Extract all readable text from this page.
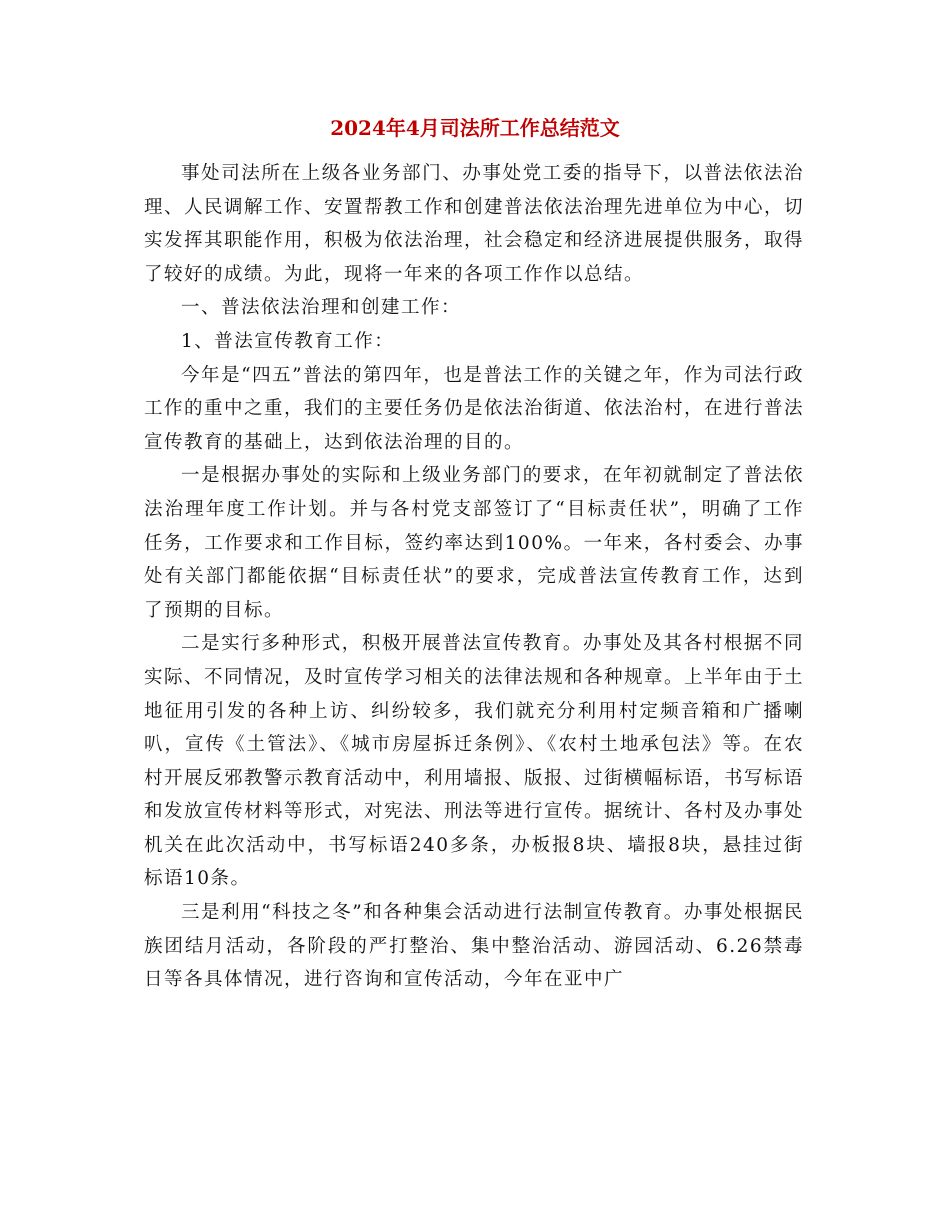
2024年4月司法所工作总结范文

事处司法所在上级各业务部门、办事处党工委的指导下，以普法依法治理、人民调解工作、安置帮教工作和创建普法依法治理先进单位为中心，切实发挥其职能作用，积极为依法治理，社会稳定和经济进展提供服务，取得了较好的成绩。为此，现将一年来的各项工作作以总结。

一、普法依法治理和创建工作：

1、普法宣传教育工作：

今年是“四五”普法的第四年，也是普法工作的关键之年，作为司法行政工作的重中之重，我们的主要任务仍是依法治街道、依法治村，在进行普法宣传教育的基础上，达到依法治理的目的。

一是根据办事处的实际和上级业务部门的要求，在年初就制定了普法依法治理年度工作计划。并与各村党支部签订了“目标责任状”，明确了工作任务，工作要求和工作目标，签约率达到100%。一年来，各村委会、办事处有关部门都能依据“目标责任状”的要求，完成普法宣传教育工作，达到了预期的目标。

二是实行多种形式，积极开展普法宣传教育。办事处及其各村根据不同实际、不同情况，及时宣传学习相关的法律法规和各种规章。上半年由于土地征用引发的各种上访、纠纷较多，我们就充分利用村定频音箱和广播喇叭，宣传《土管法》、《城市房屋拆迁条例》、《农村土地承包法》等。在农村开展反邪教警示教育活动中，利用墙报、版报、过街横幅标语，书写标语和发放宣传材料等形式，对宪法、刑法等进行宣传。据统计、各村及办事处机关在此次活动中，书写标语240多条，办板报8块、墙报8块，悬挂过街标语10条。

三是利用“科技之冬”和各种集会活动进行法制宣传教育。办事处根据民族团结月活动，各阶段的严打整治、集中整治活动、游园活动、6.26禁毒日等各具体情况，进行咨询和宣传活动，今年在亚中广
